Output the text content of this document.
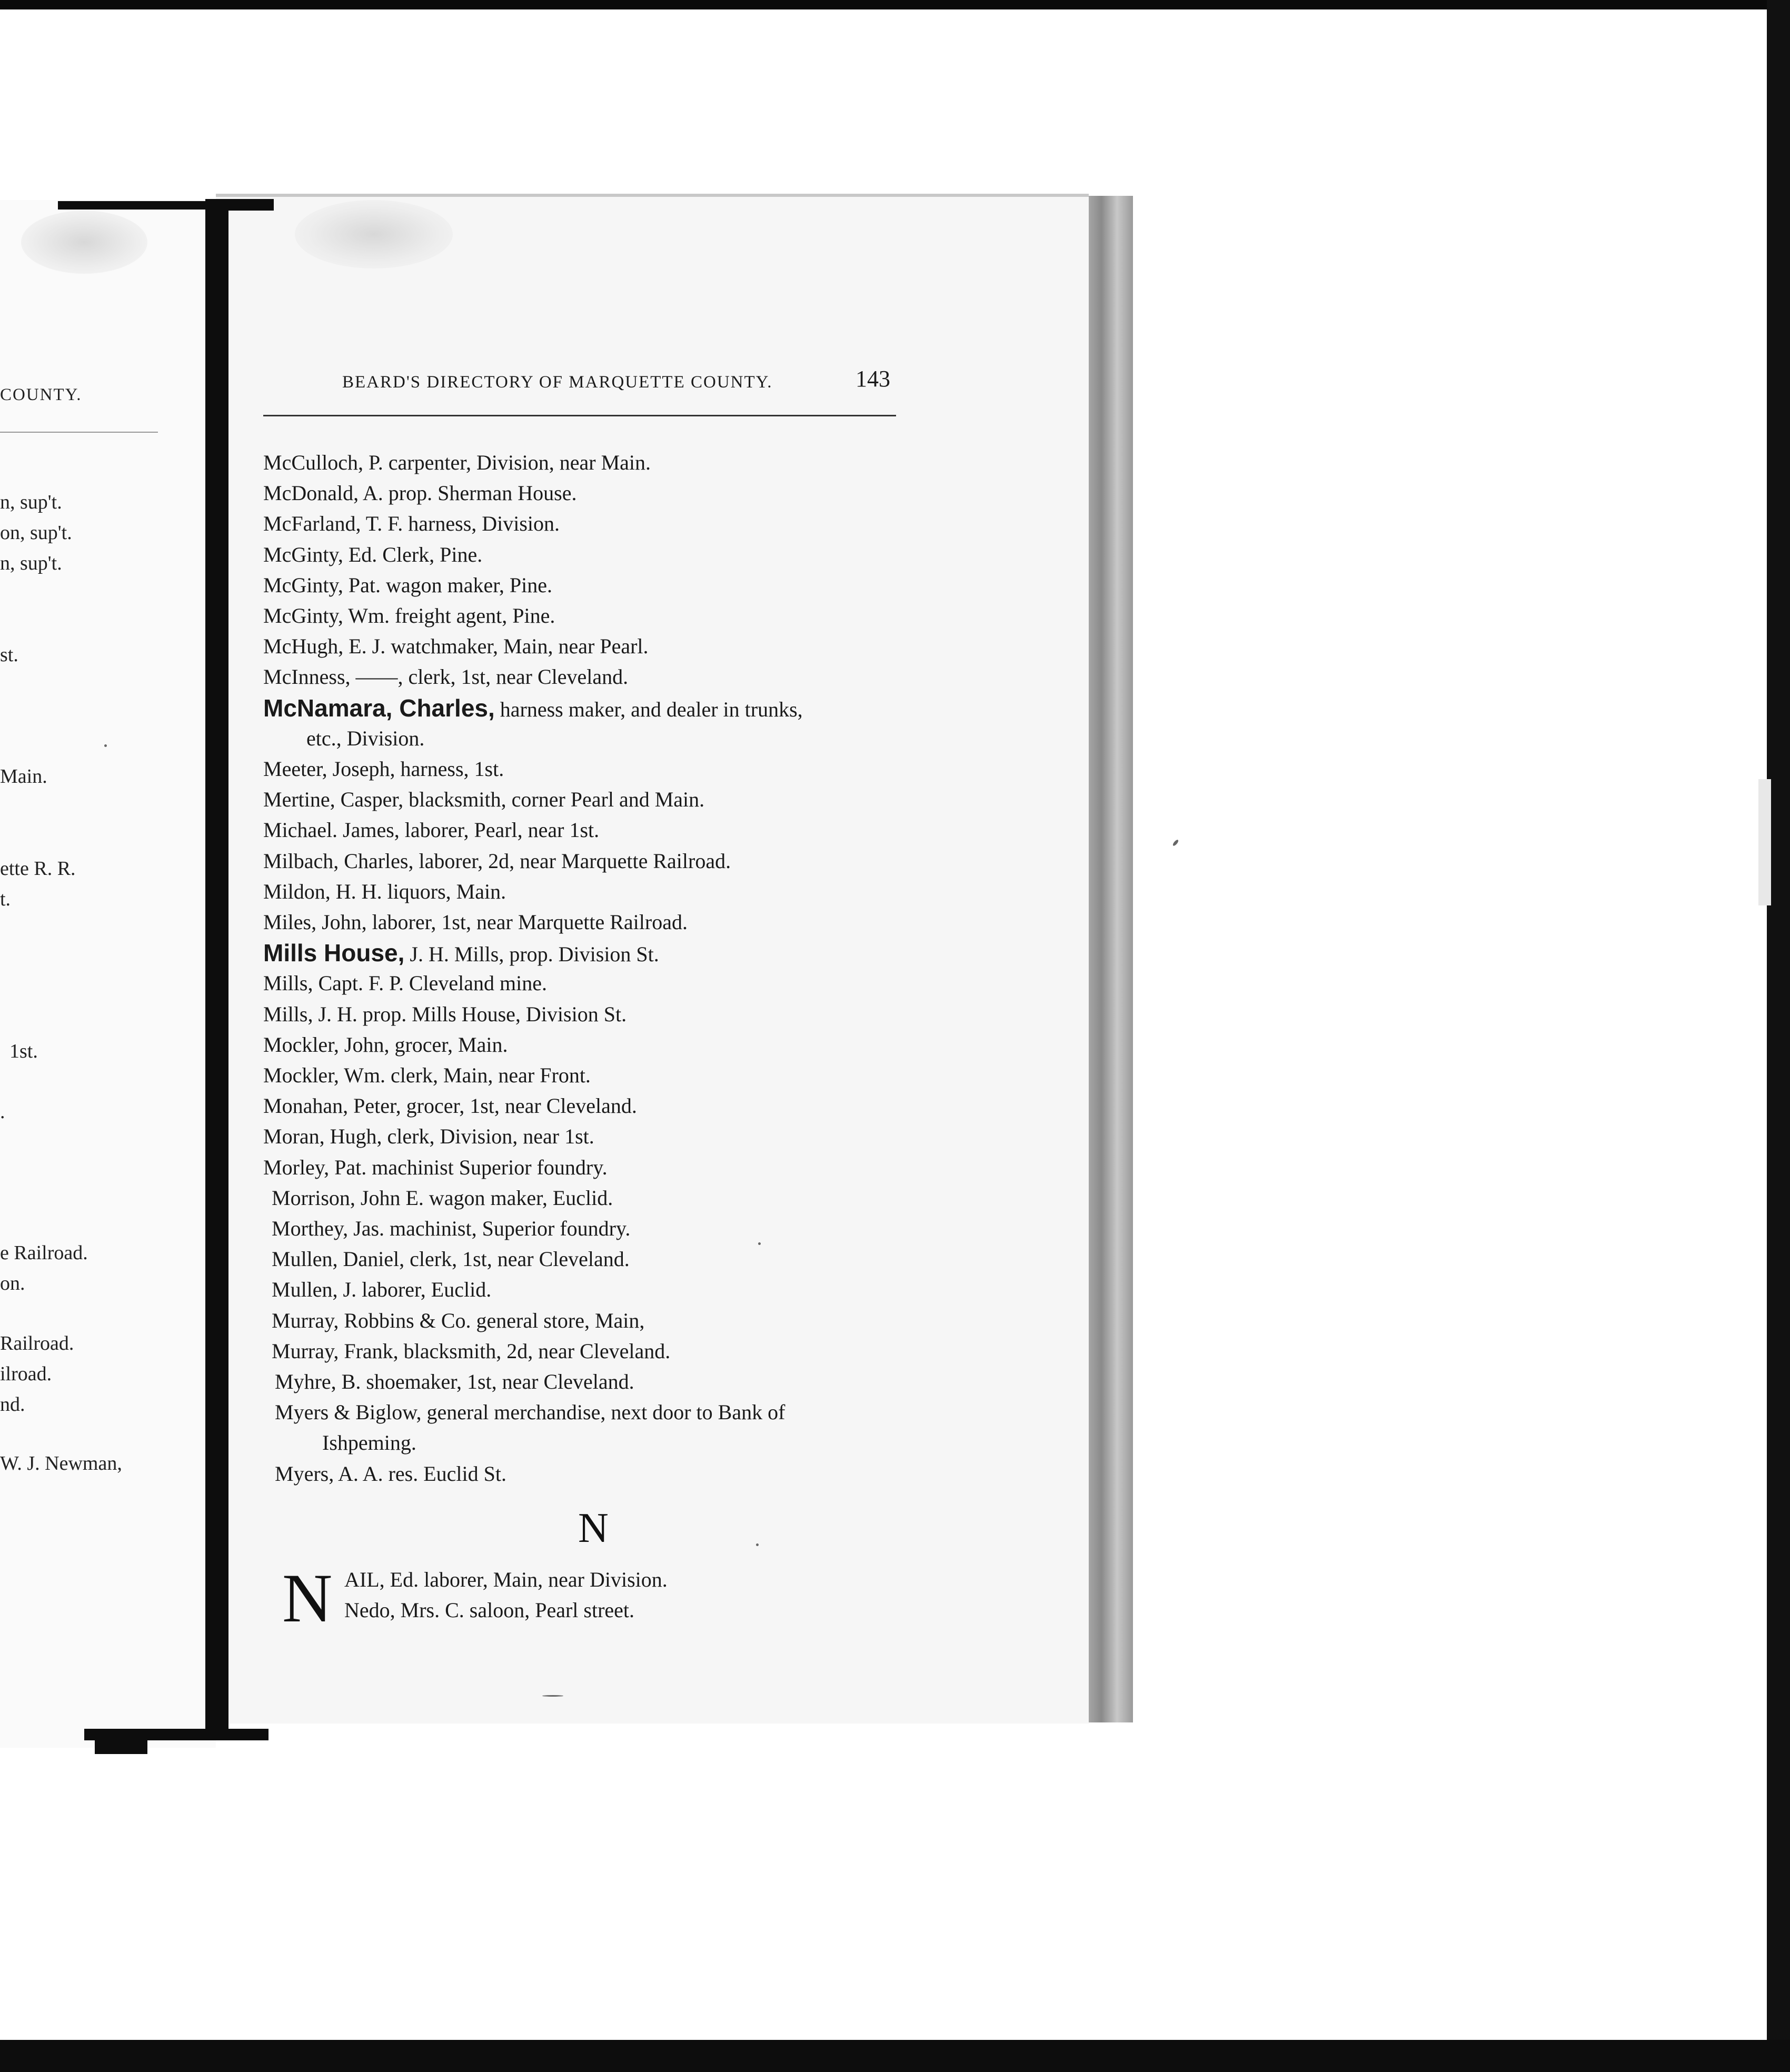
COUNTY.
n, sup't.
on, sup't.
n, sup't.
st.
Main.
ette R. R.
t.
1st.
.
e Railroad.
on.
Railroad.
ilroad.
nd.
W. J. Newman,
BEARD'S DIRECTORY OF MARQUETTE COUNTY.	143
McCulloch, P. carpenter, Division, near Main.
McDonald, A. prop. Sherman House.
McFarland, T. F. harness, Division.
McGinty, Ed. Clerk, Pine.
McGinty, Pat. wagon maker, Pine.
McGinty, Wm. freight agent, Pine.
McHugh, E. J. watchmaker, Main, near Pearl.
McInness, ——, clerk, 1st, near Cleveland.
McNamara, Charles, harness maker, and dealer in trunks,
etc., Division.
Meeter, Joseph, harness, 1st.
Mertine, Casper, blacksmith, corner Pearl and Main.
Michael. James, laborer, Pearl, near 1st.
Milbach, Charles, laborer, 2d, near Marquette Railroad.
Mildon, H. H. liquors, Main.
Miles, John, laborer, 1st, near Marquette Railroad.
Mills House, J. H. Mills, prop. Division St.
Mills, Capt. F. P. Cleveland mine.
Mills, J. H. prop. Mills House, Division St.
Mockler, John, grocer, Main.
Mockler, Wm. clerk, Main, near Front.
Monahan, Peter, grocer, 1st, near Cleveland.
Moran, Hugh, clerk, Division, near 1st.
Morley, Pat. machinist Superior foundry.
Morrison, John E. wagon maker, Euclid.
Morthey, Jas. machinist, Superior foundry.
Mullen, Daniel, clerk, 1st, near Cleveland.
Mullen, J. laborer, Euclid.
Murray, Robbins & Co. general store, Main,
Murray, Frank, blacksmith, 2d, near Cleveland.
Myhre, B. shoemaker, 1st, near Cleveland.
Myers & Biglow, general merchandise, next door to Bank of
Ishpeming.
Myers, A. A. res. Euclid St.
N
N AIL, Ed. laborer, Main, near Division.
Nedo, Mrs. C. saloon, Pearl street.
